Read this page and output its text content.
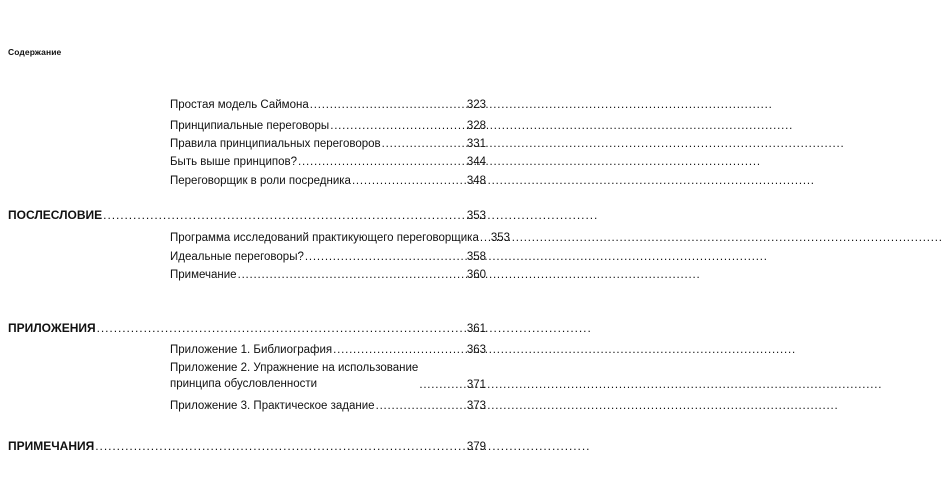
Содержание
Простая модель Саймона . . .	323
Принципиальные переговоры . . .	328
Правила принципиальных переговоров . . .	331
Быть выше принципов? . . .	344
Переговорщик в роли посредника . . .	348
ПОСЛЕСЛОВИЕ . . .	353
Программа исследований практикующего переговорщика . . . 353
Идеальные переговоры? . . .	358
Примечание . . .	360
ПРИЛОЖЕНИЯ . . .	361
Приложение 1. Библиография . . .	363
Приложение 2. Упражнение на использование
принципа обусловленности . . .	371
Приложение 3. Практическое задание . . .	373
ПРИМЕЧАНИЯ . . .	379
